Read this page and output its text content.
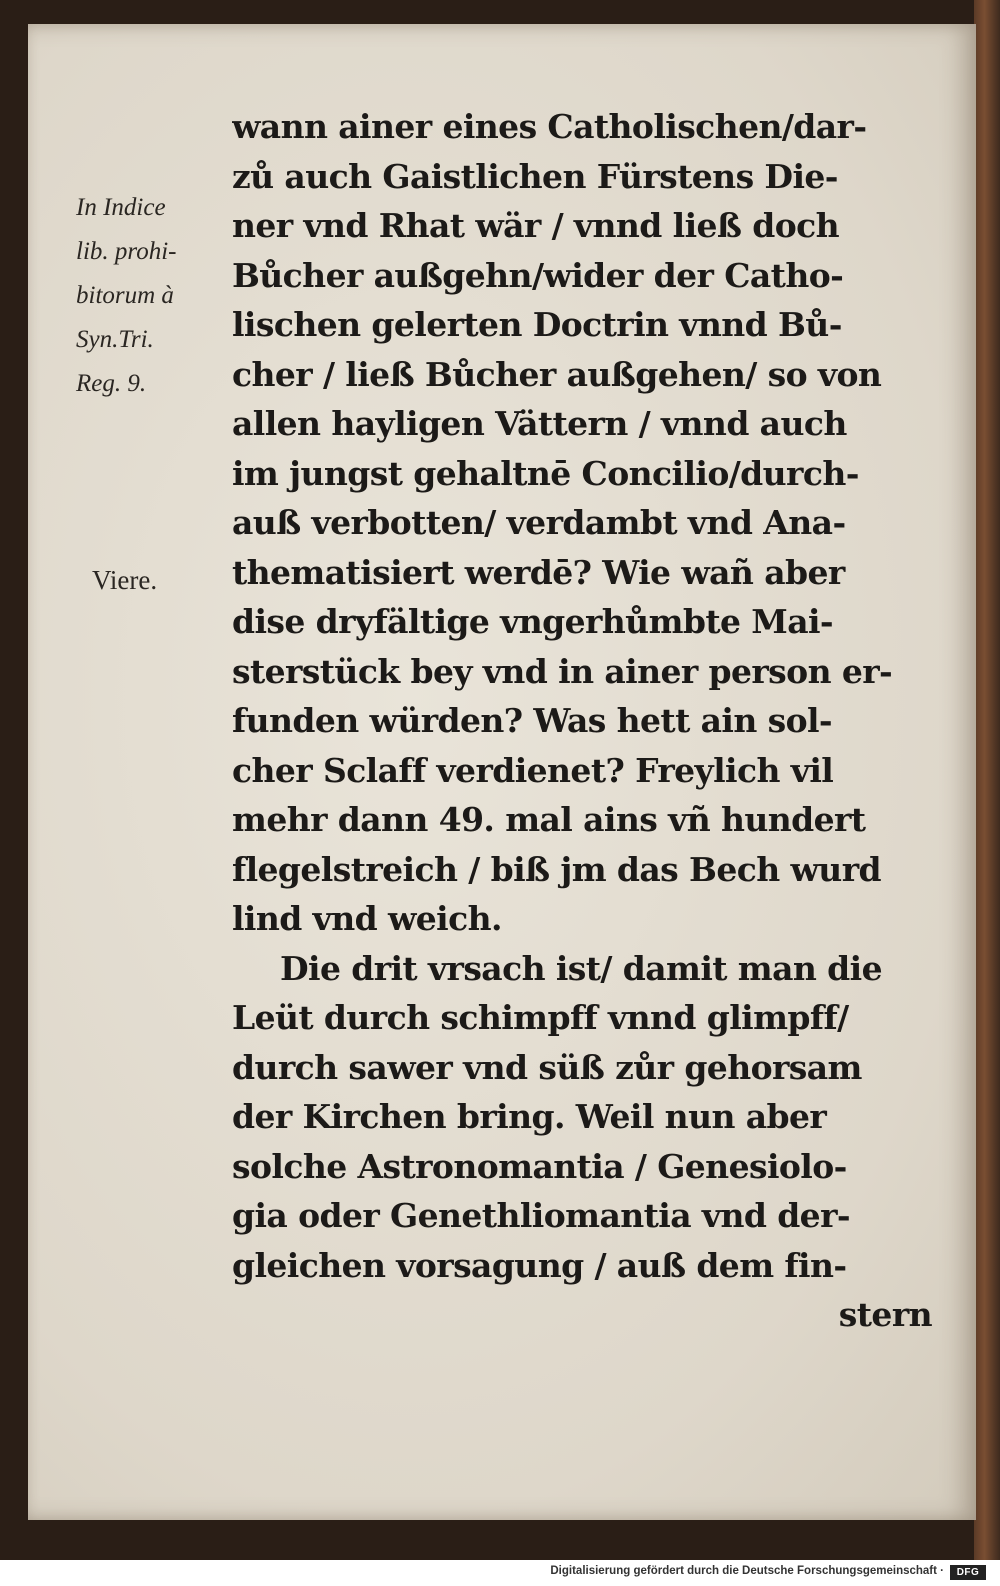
wann ainer eines Catholischen/dar-
zů auch Gaistlichen Fürstens Die-
ner vnd Rhat wär / vnnd ließ doch
Bůcher außgehn/wider der Catho-
lischen gelerten Doctrin vnnd Bů-
cher / ließ Bůcher außgehen/ so von
allen hayligen Vättern / vnnd auch
im jungst gehaltnē Concilio/durch-
auß verbotten/ verdambt vnd Ana-
thematisiert werdē? Wie wañ aber
dise dryfältige vngerhůmbte Mai-
sterstück bey vnd in ainer person er-
funden würden? Was hett ain sol-
cher Sclaff verdienet? Freylich vil
mehr dann 49. mal ains vñ hundert
flegelstreich / biß jm das Bech wurd
lind vnd weich.
Die drit vrsach ist/ damit man die
Leüt durch schimpff vnnd glimpff/
durch sawer vnd süß zůr gehorsam
der Kirchen bring. Weil nun aber
solche Astronomantia / Genesiolo-
gia oder Genethliomantia vnd der-
gleichen vorsagung / auß dem fin-
stern
In Indice
lib. prohi-
bitorum à
Syn.Tri.
Reg. 9.
Viere.
Digitalisierung gefördert durch die Deutsche Forschungsgemeinschaft ·	DFG
